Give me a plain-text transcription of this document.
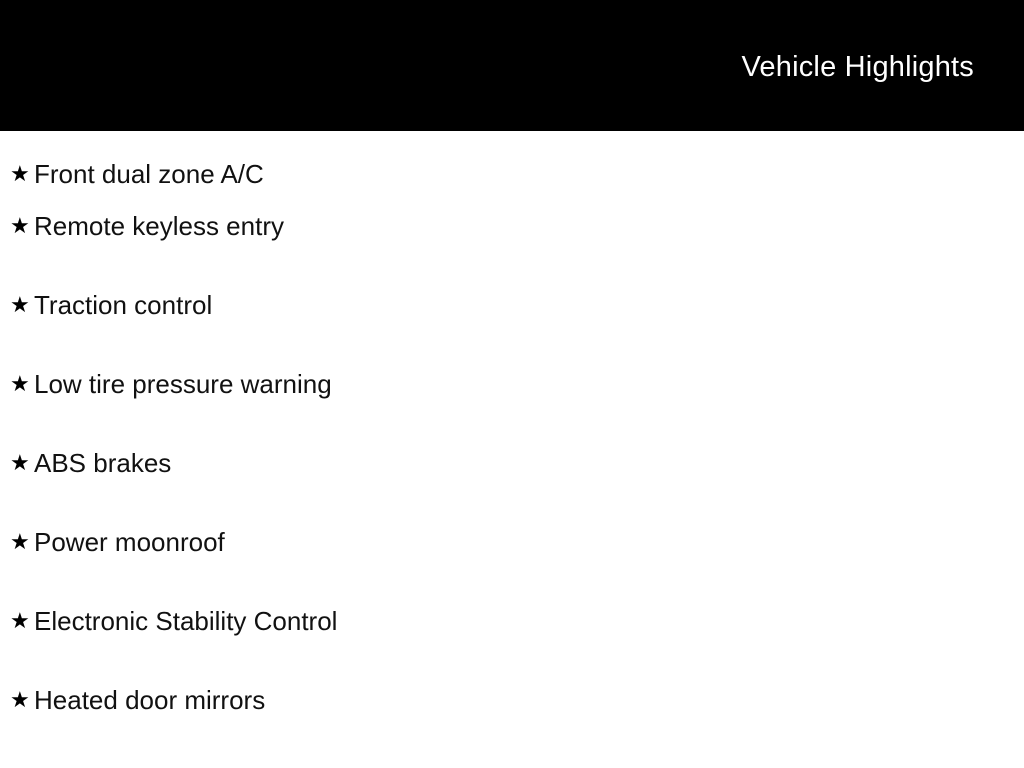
Vehicle Highlights
★ Front dual zone A/C
★ Remote keyless entry
★ Traction control
★ Low tire pressure warning
★ ABS brakes
★ Power moonroof
★ Electronic Stability Control
★ Heated door mirrors
